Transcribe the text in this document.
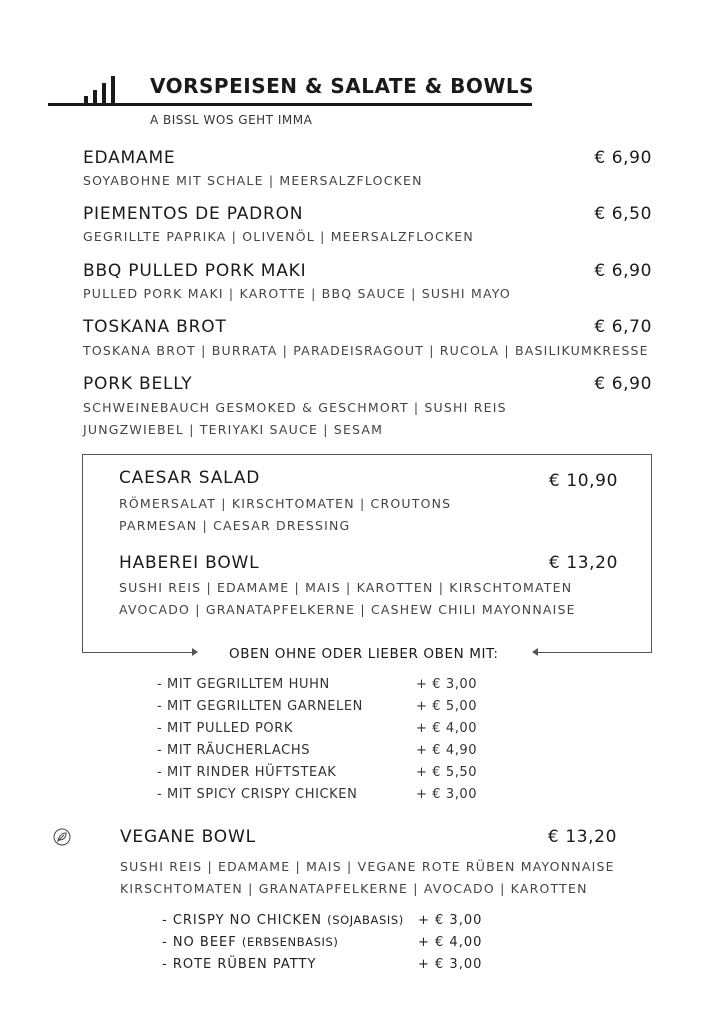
VORSPEISEN & SALATE & BOWLS
A BISSL WOS GEHT IMMA
EDAMAME	€ 6,90
SOYABOHNE MIT SCHALE | MEERSALZFLOCKEN
PIEMENTOS DE PADRON	€ 6,50
GEGRILLTE PAPRIKA | OLIVENÖL | MEERSALZFLOCKEN
BBQ PULLED PORK MAKI	€ 6,90
PULLED PORK MAKI | KAROTTE | BBQ SAUCE | SUSHI MAYO
TOSKANA BROT	€ 6,70
TOSKANA BROT | BURRATA | PARADEISRAGOUT | RUCOLA | BASILIKUMKRESSE
PORK BELLY	€ 6,90
SCHWEINEBAUCH GESMOKED & GESCHMORT | SUSHI REIS
JUNGZWIEBEL | TERIYAKI SAUCE | SESAM
CAESAR SALAD	€ 10,90
RÖMERSALAT | KIRSCHTOMATEN | CROUTONS
PARMESAN | CAESAR DRESSING
HABEREI BOWL	€ 13,20
SUSHI REIS | EDAMAME | MAIS | KAROTTEN | KIRSCHTOMATEN
AVOCADO | GRANATAPFELKERNE | CASHEW CHILI MAYONNAISE
OBEN OHNE ODER LIEBER OBEN MIT:
- MIT GEGRILLTEM HUHN	+ € 3,00
- MIT GEGRILLTEN GARNELEN	+ € 5,00
- MIT PULLED PORK	+ € 4,00
- MIT RÄUCHERLACHS	+ € 4,90
- MIT RINDER HÜFTSTEAK	+ € 5,50
- MIT SPICY CRISPY CHICKEN	+ € 3,00
VEGANE BOWL	€ 13,20
SUSHI REIS | EDAMAME | MAIS | VEGANE ROTE RÜBEN MAYONNAISE
KIRSCHTOMATEN | GRANATAPFELKERNE | AVOCADO | KAROTTEN
- CRISPY NO CHICKEN (SOJABASIS) + € 3,00
- NO BEEF (ERBSENBASIS)	+ € 4,00
- ROTE RÜBEN PATTY	+ € 3,00
